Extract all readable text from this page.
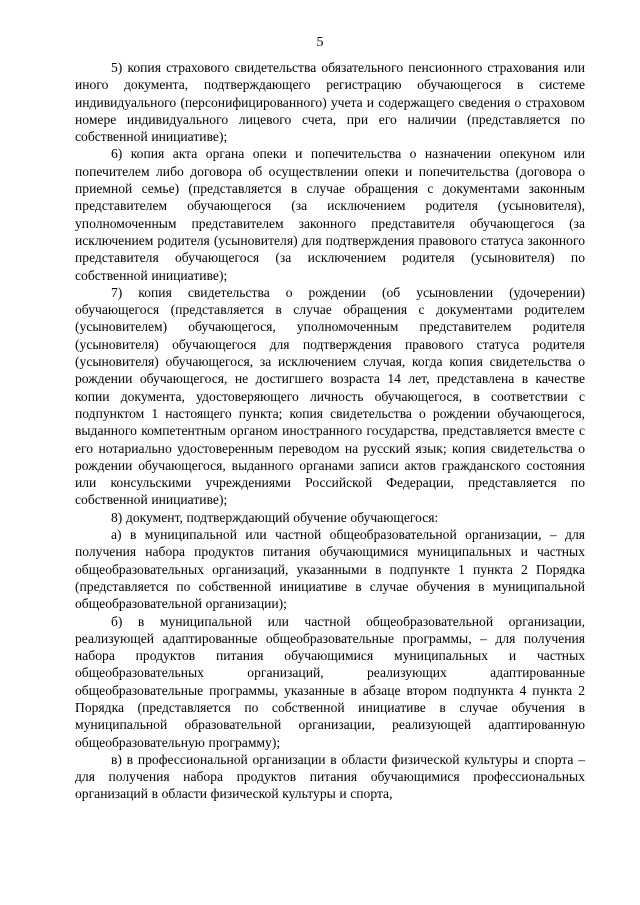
5

5) копия страхового свидетельства обязательного пенсионного страхования или иного документа, подтверждающего регистрацию обучающегося в системе индивидуального (персонифицированного) учета и содержащего сведения о страховом номере индивидуального лицевого счета, при его наличии (представляется по собственной инициативе);

6) копия акта органа опеки и попечительства о назначении опекуном или попечителем либо договора об осуществлении опеки и попечительства (договора о приемной семье) (представляется в случае обращения с документами законным представителем обучающегося (за исключением родителя (усыновителя), уполномоченным представителем законного представителя обучающегося (за исключением родителя (усыновителя) для подтверждения правового статуса законного представителя обучающегося (за исключением родителя (усыновителя) по собственной инициативе);

7) копия свидетельства о рождении (об усыновлении (удочерении) обучающегося (представляется в случае обращения с документами родителем (усыновителем) обучающегося, уполномоченным представителем родителя (усыновителя) обучающегося для подтверждения правового статуса родителя (усыновителя) обучающегося, за исключением случая, когда копия свидетельства о рождении обучающегося, не достигшего возраста 14 лет, представлена в качестве копии документа, удостоверяющего личность обучающегося, в соответствии с подпунктом 1 настоящего пункта; копия свидетельства о рождении обучающегося, выданного компетентным органом иностранного государства, представляется вместе с его нотариально удостоверенным переводом на русский язык; копия свидетельства о рождении обучающегося, выданного органами записи актов гражданского состояния или консульскими учреждениями Российской Федерации, представляется по собственной инициативе);

8) документ, подтверждающий обучение обучающегося:

а) в муниципальной или частной общеобразовательной организации, – для получения набора продуктов питания обучающимися муниципальных и частных общеобразовательных организаций, указанными в подпункте 1 пункта 2 Порядка (представляется по собственной инициативе в случае обучения в муниципальной общеобразовательной организации);

б) в муниципальной или частной общеобразовательной организации, реализующей адаптированные общеобразовательные программы, – для получения набора продуктов питания обучающимися муниципальных и частных общеобразовательных организаций, реализующих адаптированные общеобразовательные программы, указанные в абзаце втором подпункта 4 пункта 2 Порядка (представляется по собственной инициативе в случае обучения в муниципальной образовательной организации, реализующей адаптированную общеобразовательную программу);

в) в профессиональной организации в области физической культуры и спорта – для получения набора продуктов питания обучающимися профессиональных организаций в области физической культуры и спорта,
